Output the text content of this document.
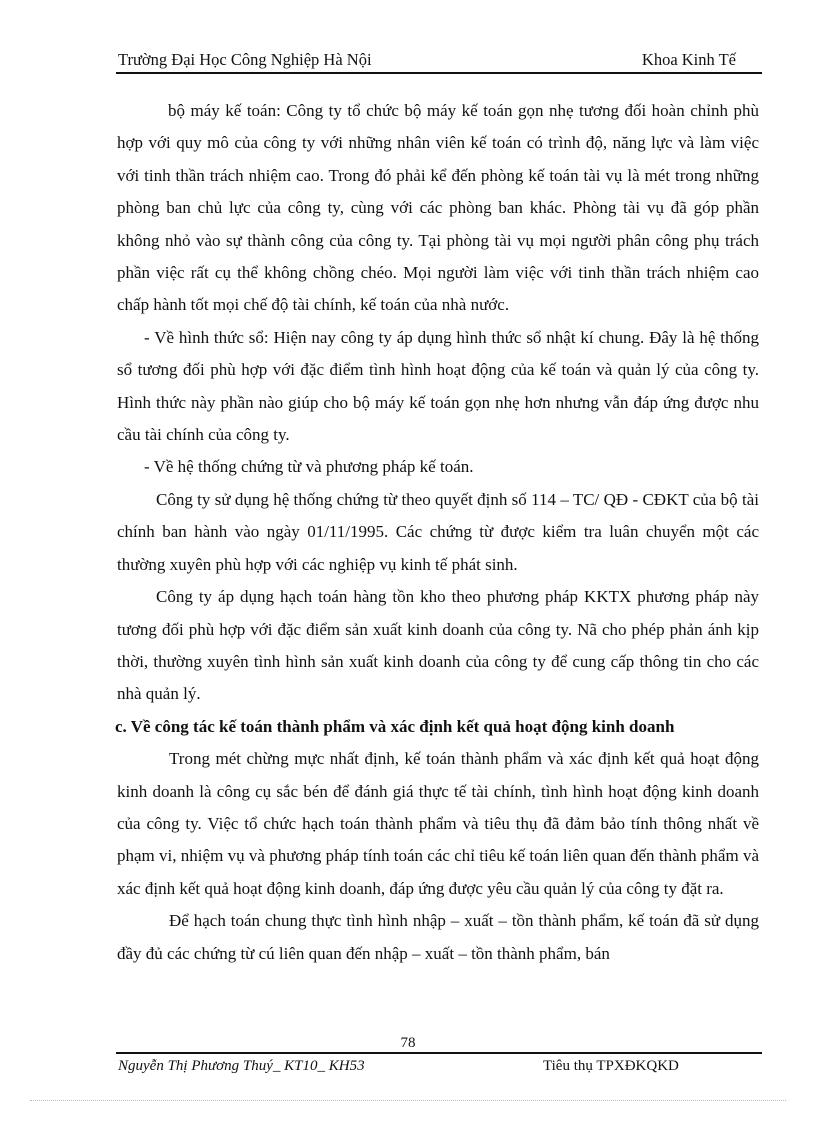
Trường Đại Học Công Nghiệp Hà Nội	Khoa Kinh Tế

bộ máy kế toán: Công ty tổ chức bộ máy kế toán gọn nhẹ tương đối hoàn chỉnh phù hợp với quy mô của công ty với những nhân viên kế toán có trình độ, năng lực và làm việc với tinh thần trách nhiệm cao. Trong đó phải kể đến phòng kế toán tài vụ là mét trong những phòng ban chủ lực của công ty, cùng với các phòng ban khác. Phòng tài vụ đã góp phần không nhỏ vào sự thành công của công ty. Tại phòng tài vụ mọi người phân công phụ trách phần việc rất cụ thể không chồng chéo. Mọi người làm việc với tinh thần trách nhiệm cao chấp hành tốt mọi chế độ tài chính, kế toán của nhà nước.

- Về hình thức sổ: Hiện nay công ty áp dụng hình thức sổ nhật kí chung. Đây là hệ thống sổ tương đối phù hợp với đặc điểm tình hình hoạt động của kế toán và quản lý của công ty. Hình thức này phần nào giúp cho bộ máy kế toán gọn nhẹ hơn nhưng vẫn đáp ứng được nhu cầu tài chính của công ty.

- Về hệ thống chứng từ và phương pháp kế toán.

Công ty sử dụng hệ thống chứng từ theo quyết định số 114 – TC/ QĐ - CĐKT của bộ tài chính ban hành vào ngày 01/11/1995. Các chứng từ được kiểm tra luân chuyển một các thường xuyên phù hợp với các nghiệp vụ kinh tế phát sinh.

Công ty áp dụng hạch toán hàng tồn kho theo phương pháp KKTX phương pháp này tương đối phù hợp với đặc điểm sản xuất kinh doanh của công ty. Nã cho phép phản ánh kịp thời, thường xuyên tình hình sản xuất kinh doanh của công ty để cung cấp thông tin cho các nhà quản lý.

c. Về công tác kế toán thành phẩm và xác định kết quả hoạt động kinh doanh

Trong mét chừng mực nhất định, kế toán thành phẩm và xác định kết quả hoạt động kinh doanh là công cụ sắc bén để đánh giá thực tế tài chính, tình hình hoạt động kinh doanh của công ty. Việc tổ chức hạch toán thành phẩm và tiêu thụ đã đảm bảo tính thông nhất về phạm vi, nhiệm vụ và phương pháp tính toán các chỉ tiêu kế toán liên quan đến thành phẩm và xác định kết quả hoạt động kinh doanh, đáp ứng được yêu cầu quản lý của công ty đặt ra.

Để hạch toán chung thực tình hình nhập – xuất – tồn thành phẩm, kế toán đã sử dụng đầy đủ các chứng từ cú liên quan đến nhập – xuất – tồn thành phẩm, bán

78
Nguyễn Thị Phương Thuý_ KT10_ KH53	Tiêu thụ TPXĐKQKD
